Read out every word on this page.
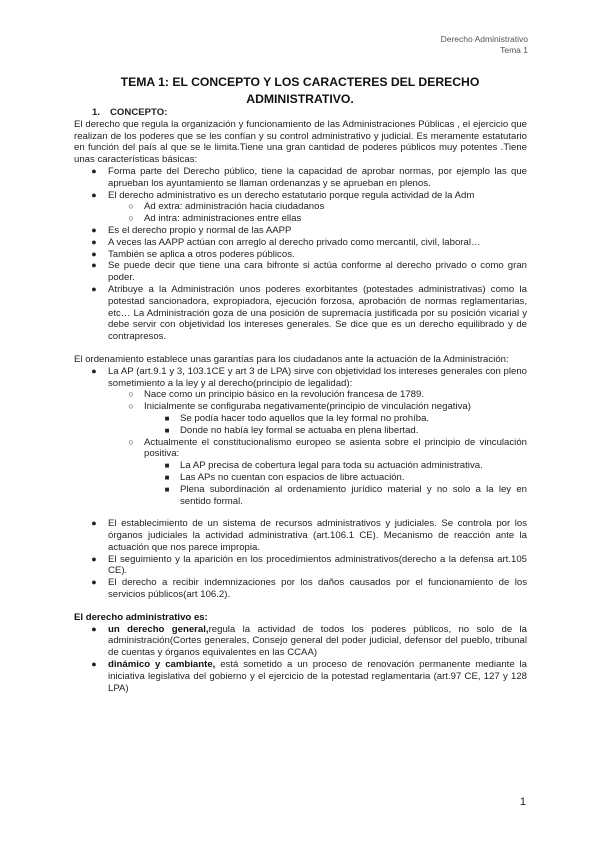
Derecho Administrativo
Tema 1
TEMA 1: EL CONCEPTO Y LOS CARACTERES DEL DERECHO ADMINISTRATIVO.

1. CONCEPTO:

El derecho que regula la organización y funcionamiento de las Administraciones Públicas , el ejercicio que realizan de los poderes que se les confían y su control administrativo y judicial. Es meramente estatutario en función del país al que se le limita.Tiene una gran cantidad de poderes públicos muy potentes .Tiene unas características básicas:

● Forma parte del Derecho público, tiene la capacidad de aprobar normas, por ejemplo las que aprueban los ayuntamiento se llaman ordenanzas y se aprueban en plenos.
● El derecho administrativo es un derecho estatutario porque regula actividad de la Adm
○ Ad extra: administración hacia ciudadanos
○ Ad intra: administraciones entre ellas
● Es el derecho propio y normal de las AAPP
● A veces las AAPP actúan con arreglo al derecho privado como mercantil, civil, laboral…
● También se aplica a otros poderes públicos.
● Se puede decir que tiene una cara bifronte si actúa conforme al derecho privado o como gran poder.
● Atribuye a la Administración unos poderes exorbitantes (potestades administrativas) como la potestad sancionadora, expropiadora, ejecución forzosa, aprobación de normas reglamentarias, etc… La Administración goza de una posición de supremacía justificada por su posición vicarial y debe servir con objetividad los intereses generales. Se dice que es un derecho equilibrado y de contrapresos.

El ordenamiento establece unas garantías para los ciudadanos ante la actuación de la Administración:

● La AP (art.9.1 y 3, 103.1CE y art 3 de LPA) sirve con objetividad los intereses generales con pleno sometimiento a la ley y al derecho(principio de legalidad):
○ Nace como un principio básico en la revolución francesa de 1789.
○ Inicialmente se configuraba negativamente(principio de vinculación negativa)
■ Se podía hacer todo aquellos que la ley formal no prohíba.
■ Donde no había ley formal se actuaba en plena libertad.
○ Actualmente el constitucionalismo europeo se asienta sobre el principio de vinculación positiva:
■ La AP precisa de cobertura legal para toda su actuación administrativa.
■ Las APs no cuentan con espacios de libre actuación.
■ Plena subordinación al ordenamiento jurídico material y no solo a la ley en sentido formal.
● El establecimiento de un sistema de recursos administrativos y judiciales. Se controla por los órganos judiciales la actividad administrativa (art.106.1 CE). Mecanismo de reacción ante la actuación que nos parece impropia.
● El seguimiento y la aparición en los procedimientos administrativos(derecho a la defensa art.105 CE).
● El derecho a recibir indemnizaciones por los daños causados por el funcionamiento de los servicios públicos(art 106.2).

El derecho administrativo es:

● un derecho general,regula la actividad de todos los poderes públicos, no solo de la administración(Cortes generales, Consejo general del poder judicial, defensor del pueblo, tribunal de cuentas y órganos equivalentes en las CCAA)
● dinámico y cambiante, está sometido a un proceso de renovación permanente mediante la iniciativa legislativa del gobierno y el ejercicio de la potestad reglamentaria (art.97 CE, 127 y 128 LPA)
1
